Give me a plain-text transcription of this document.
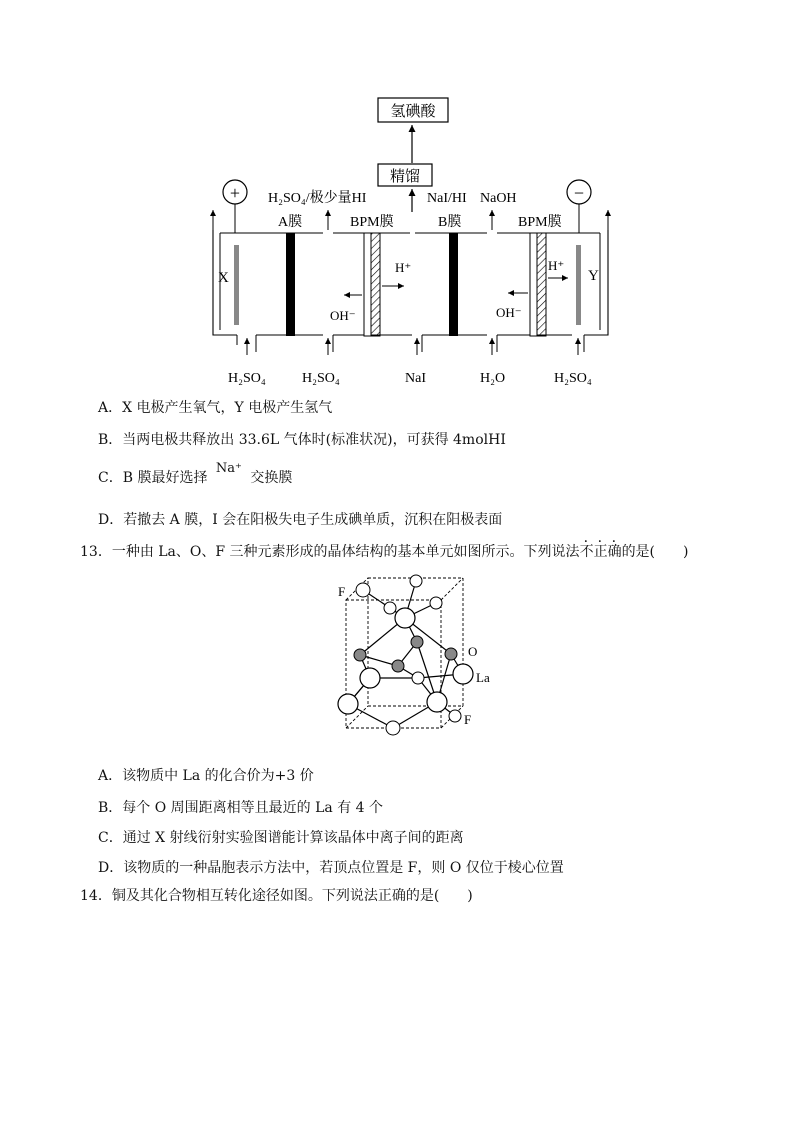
氢碘酸
精馏
+	−
H₂SO₄/极少量HI	NaI/HI NaOH
X	Y
A膜	BPM膜
H⁺
OH⁻
B膜	BPM膜
H⁺
OH⁻
H₂SO₄	H₂SO₄	NaI	H₂O	H₂SO₄
A．X 电极产生氧气，Y 电极产生氢气
B．当两电极共释放出 33.6L 气体时(标准状况)，可获得 4molHI
C．B 膜最好选择 Na⁺ 交换膜
D．若撤去 A 膜，I 会在阳极失电子生成碘单质，沉积在阳极表面
13．一种由 La、O、F 三种元素形成的晶体结构的基本单元如图所示。下列说法不正确的是(　　)
F
O
La
F
A．该物质中 La 的化合价为+3 价
B．每个 O 周围距离相等且最近的 La 有 4 个
C．通过 X 射线衍射实验图谱能计算该晶体中离子间的距离
D．该物质的一种晶胞表示方法中，若顶点位置是 F，则 O 仅位于棱心位置
14．铜及其化合物相互转化途径如图。下列说法正确的是(　　)
